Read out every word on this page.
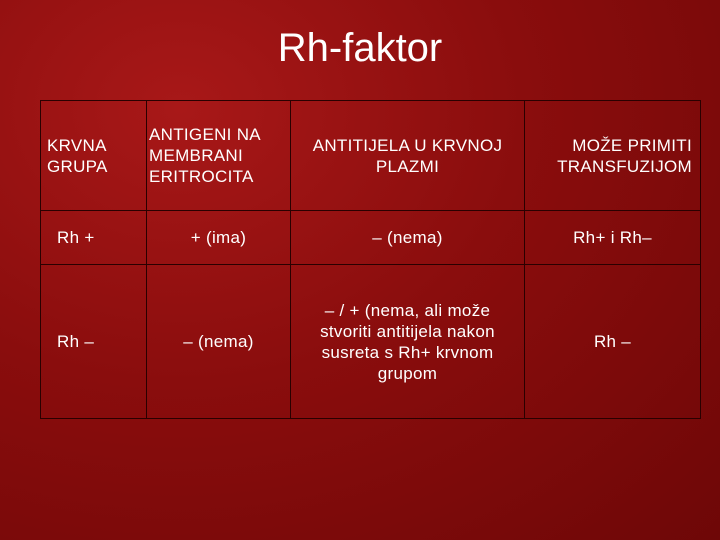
Rh-faktor
KRVNA GRUPA	ANTIGENI NA MEMBRANI ERITROCITA	ANTITIJELA U KRVNOJ PLAZMI	MOŽE PRIMITI TRANSFUZIJOM
Rh +	+ (ima)	– (nema)	Rh+ i Rh–
Rh –	– (nema)	– / + (nema, ali može stvoriti antitijela nakon susreta s Rh+ krvnom grupom	Rh –
